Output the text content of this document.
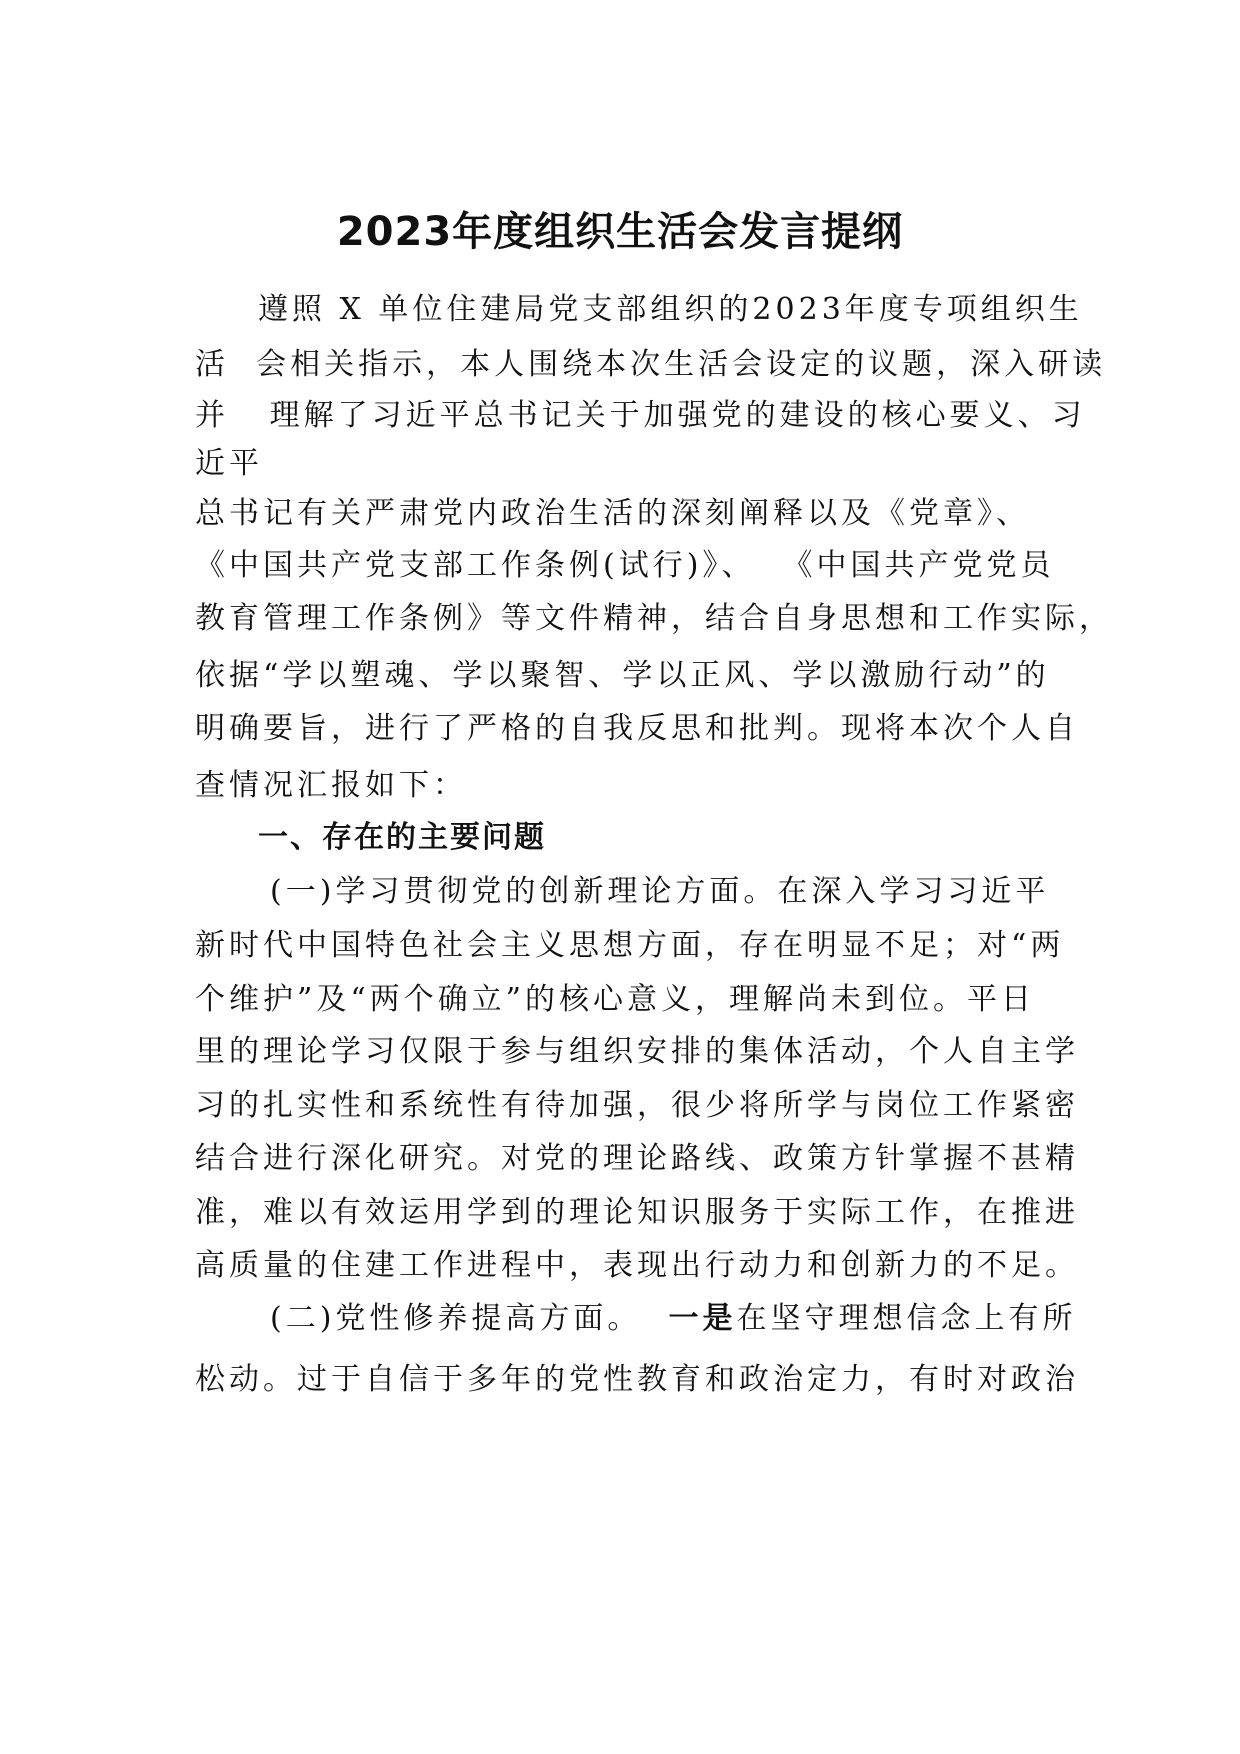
2023年度组织生活会发言提纲

遵照 X 单位住建局党支部组织的2023年度专项组织生

活  会相关指示，本人围绕本次生活会设定的议题，深入研读

并   理解了习近平总书记关于加强党的建设的核心要义、习

近平

总书记有关严肃党内政治生活的深刻阐释以及《党章》、

《中国共产党支部工作条例(试行)》、  《中国共产党党员

教育管理工作条例》等文件精神，结合自身思想和工作实际，

依据“学以塑魂、学以聚智、学以正风、学以激励行动”的

明确要旨，进行了严格的自我反思和批判。现将本次个人自

查情况汇报如下：

一、存在的主要问题

(一)学习贯彻党的创新理论方面。在深入学习习近平

新时代中国特色社会主义思想方面，存在明显不足；对“两

个维护”及“两个确立”的核心意义，理解尚未到位。平日

里的理论学习仅限于参与组织安排的集体活动，个人自主学

习的扎实性和系统性有待加强，很少将所学与岗位工作紧密

结合进行深化研究。对党的理论路线、政策方针掌握不甚精

准，难以有效运用学到的理论知识服务于实际工作，在推进

高质量的住建工作进程中，表现出行动力和创新力的不足。

(二)党性修养提高方面。 一是在坚守理想信念上有所

松动。过于自信于多年的党性教育和政治定力，有时对政治
